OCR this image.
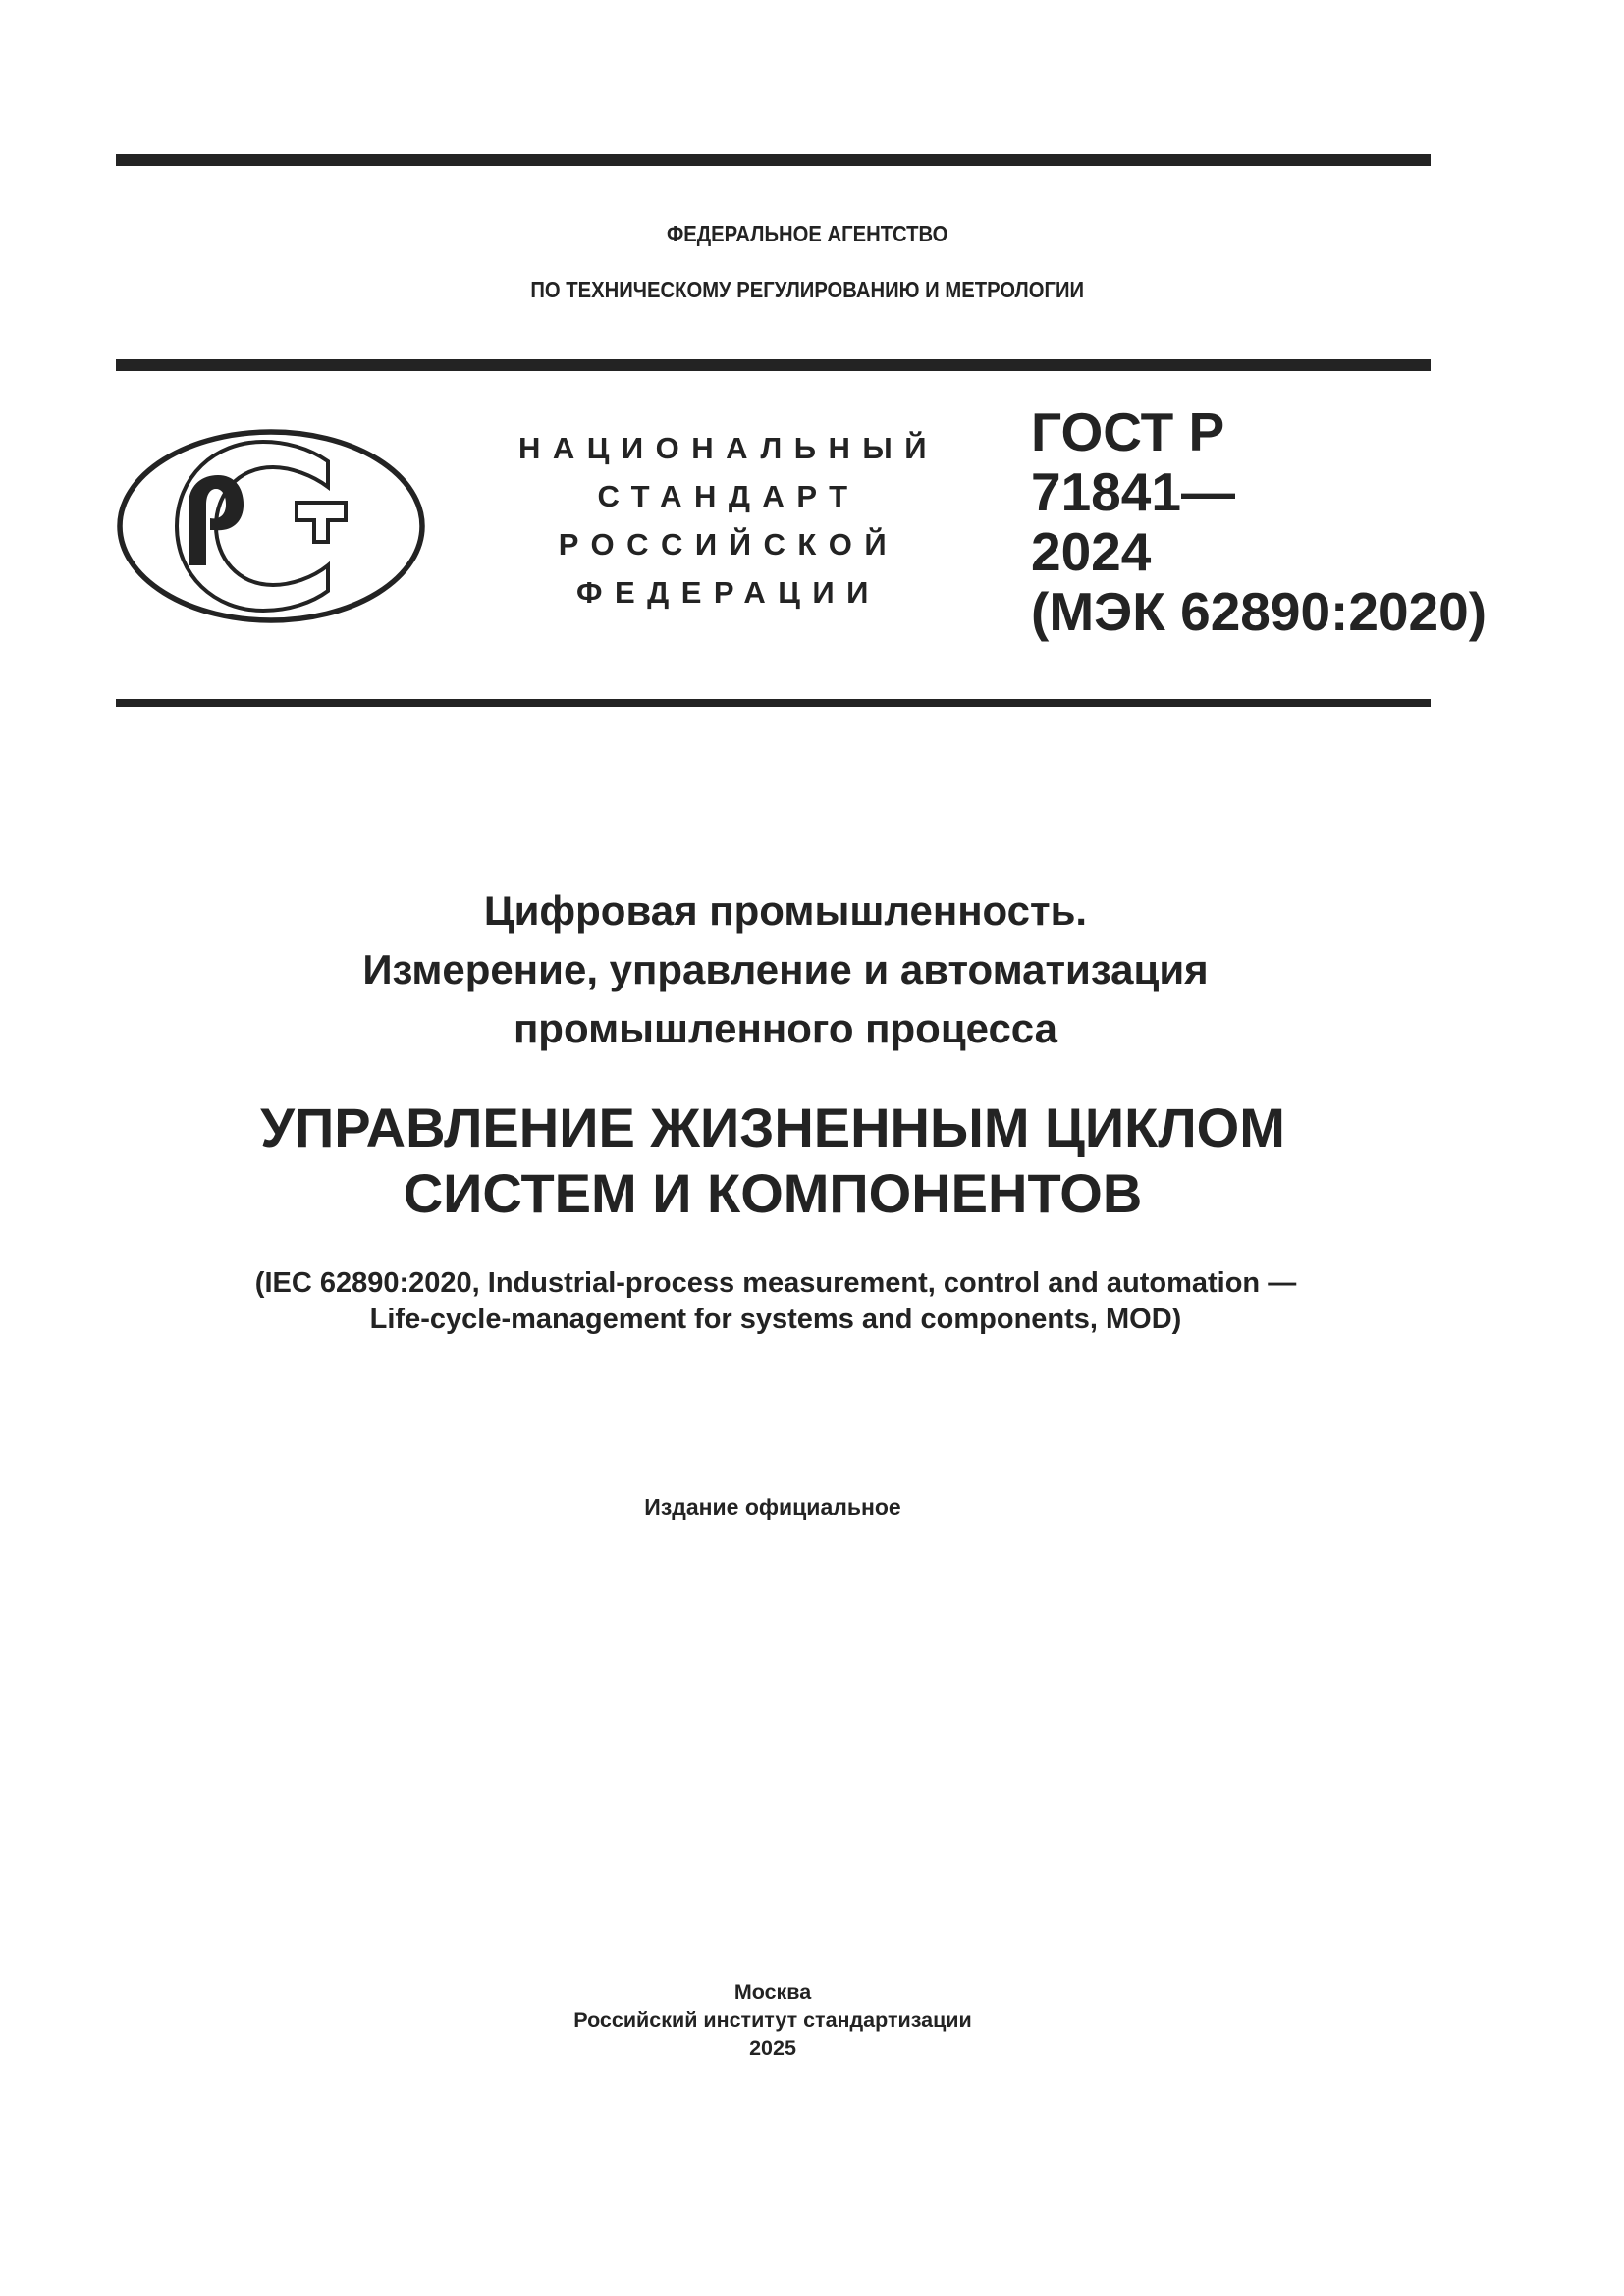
ФЕДЕРАЛЬНОЕ АГЕНТСТВО
ПО ТЕХНИЧЕСКОМУ РЕГУЛИРОВАНИЮ И МЕТРОЛОГИИ
НАЦИОНАЛЬНЫЙ
СТАНДАРТ
РОССИЙСКОЙ
ФЕДЕРАЦИИ
ГОСТ Р
71841—
2024
(МЭК 62890:2020)
Цифровая промышленность.
Измерение, управление и автоматизация
промышленного процесса
УПРАВЛЕНИЕ ЖИЗНЕННЫМ ЦИКЛОМ
СИСТЕМ И КОМПОНЕНТОВ
(IEC 62890:2020, Industrial-process measurement, control and automation —
Life-cycle-management for systems and components, MOD)
Издание официальное
Москва
Российский институт стандартизации
2025
